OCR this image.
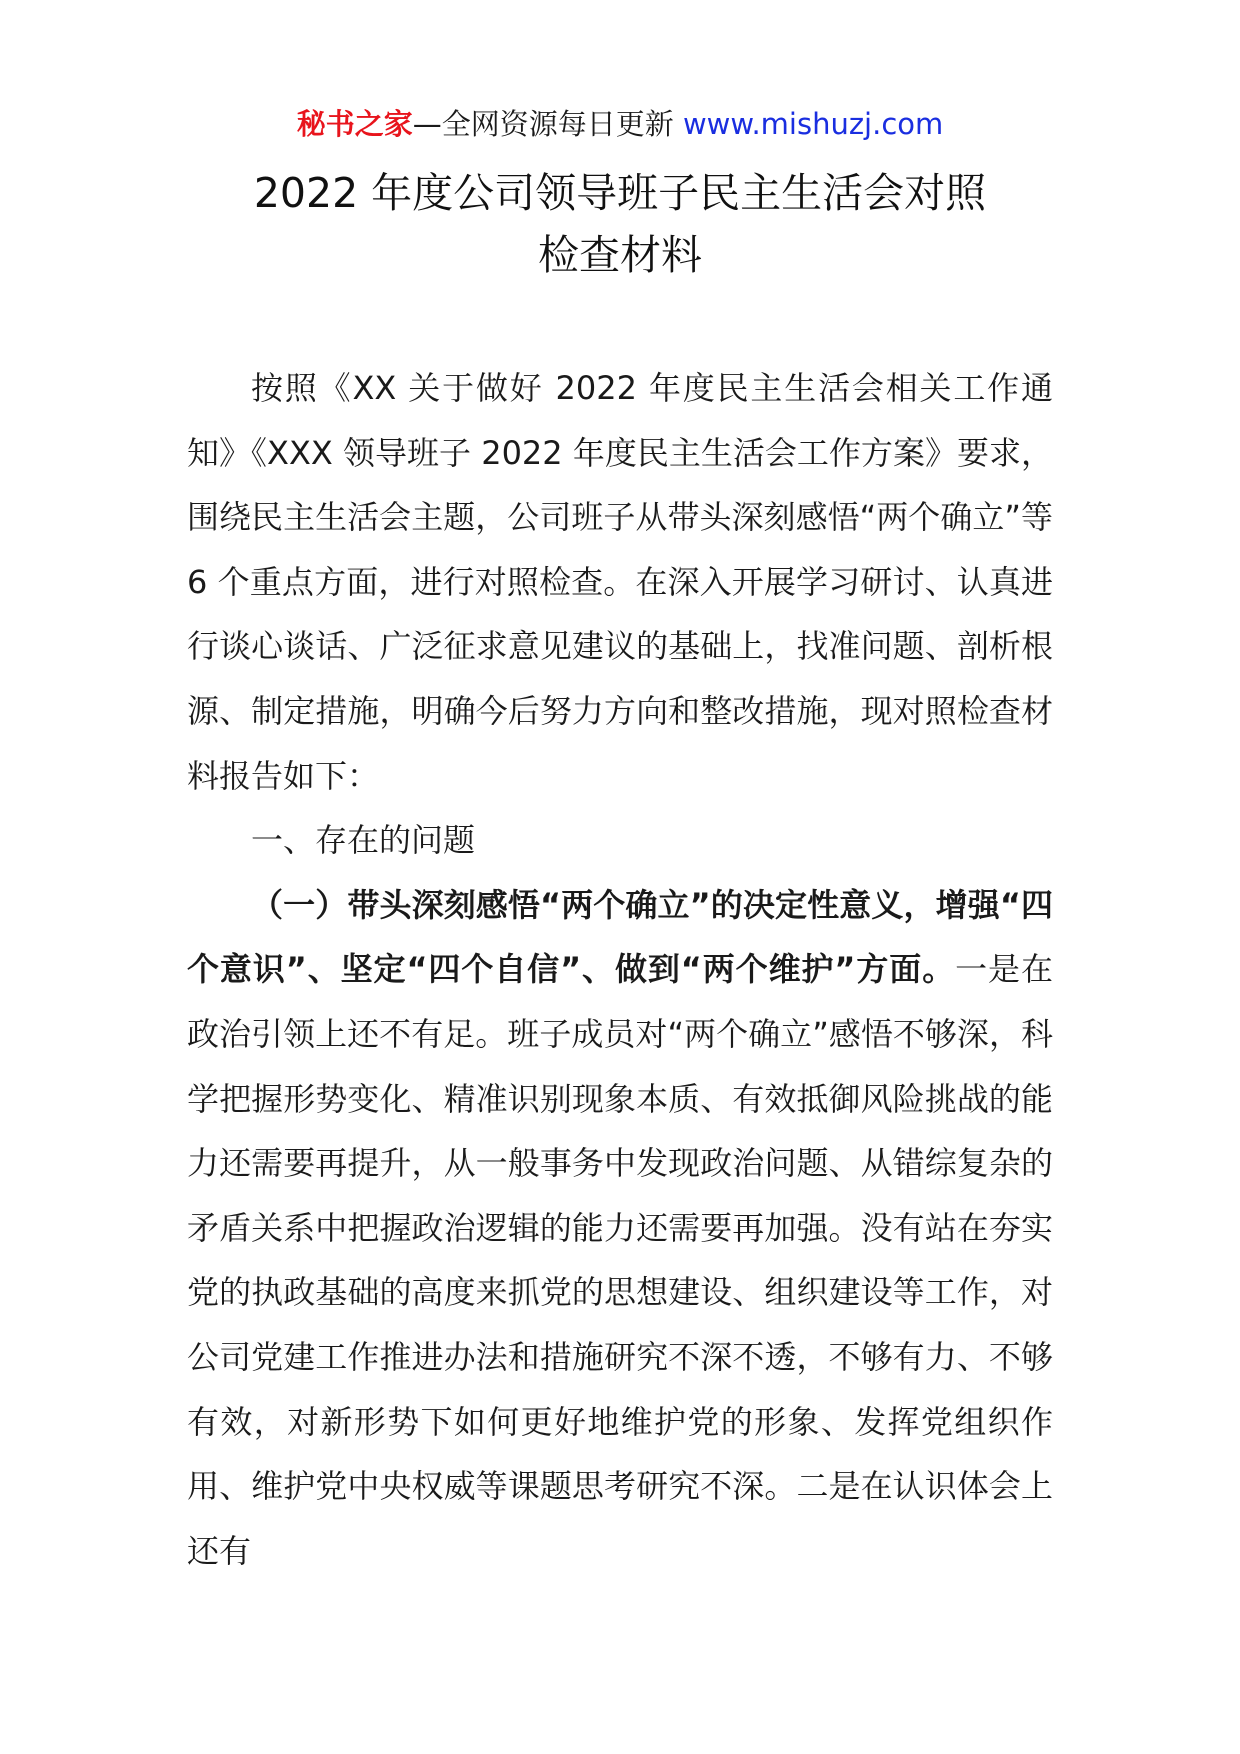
秘书之家—全网资源每日更新 www.mishuzj.com
2022 年度公司领导班子民主生活会对照
检查材料

按照《XX 关于做好 2022 年度民主生活会相关工作通知》《XXX 领导班子 2022 年度民主生活会工作方案》要求，围绕民主生活会主题，公司班子从带头深刻感悟“两个确立”等 6 个重点方面，进行对照检查。在深入开展学习研讨、认真进行谈心谈话、广泛征求意见建议的基础上，找准问题、剖析根源、制定措施，明确今后努力方向和整改措施，现对照检查材料报告如下：

一、存在的问题

（一）带头深刻感悟“两个确立”的决定性意义，增强“四个意识”、坚定“四个自信”、做到“两个维护”方面。一是在政治引领上还不有足。班子成员对“两个确立”感悟不够深，科学把握形势变化、精准识别现象本质、有效抵御风险挑战的能力还需要再提升，从一般事务中发现政治问题、从错综复杂的矛盾关系中把握政治逻辑的能力还需要再加强。没有站在夯实党的执政基础的高度来抓党的思想建设、组织建设等工作，对公司党建工作推进办法和措施研究不深不透，不够有力、不够有效，对新形势下如何更好地维护党的形象、发挥党组织作用、维护党中央权威等课题思考研究不深。二是在认识体会上还有
